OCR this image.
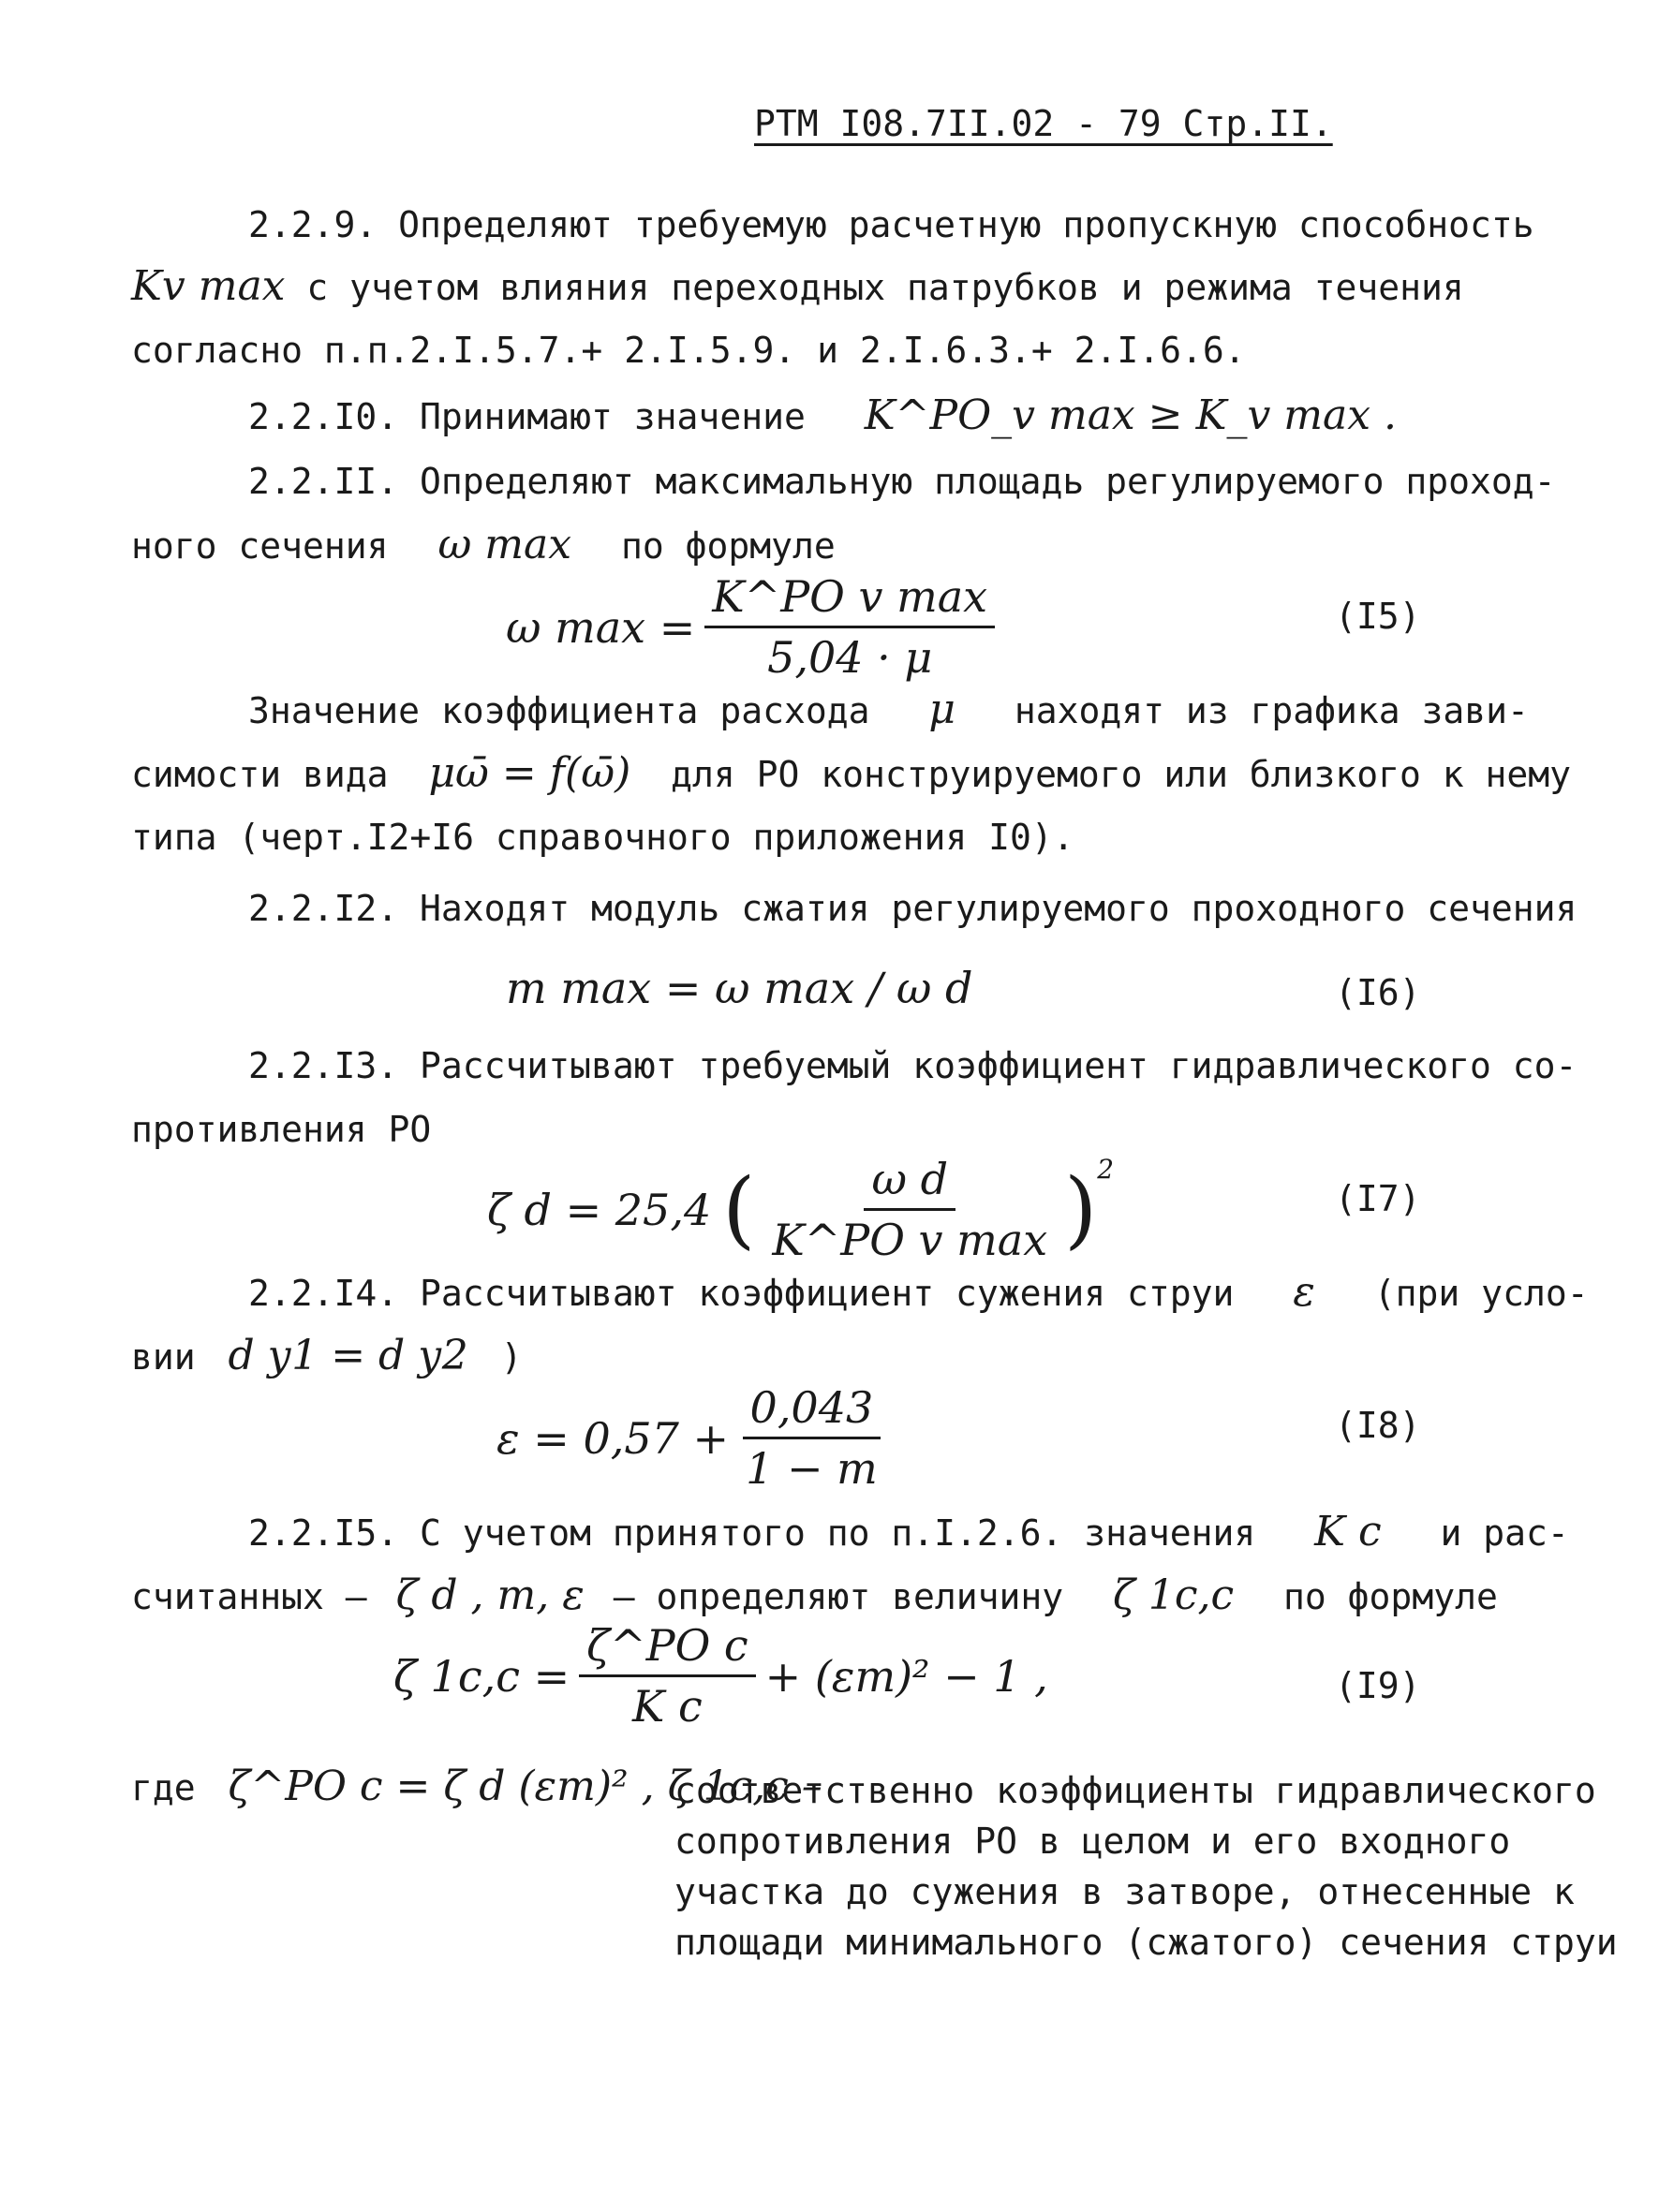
РТМ I08.7II.02 - 79 Стр.II.
2.2.9. Определяют требуемую расчетную пропускную способность
Kv max с учетом влияния переходных патрубков и режима течения
согласно п.п.2.I.5.7.+ 2.I.5.9. и 2.I.6.3.+ 2.I.6.6.
2.2.I0. Принимают значение K^РО_v max ≥ K_v max .
2.2.II. Определяют максимальную площадь регулируемого проход-
ного сечения ω max по формуле
ω $\max = \frac{\text{K\textasciicircum{}РО v max}}{5,04 \cdot \mu}$	(I5)
Значение коэффициента расхода μ находят из графика зави-
симости вида μω̄ = f(ω̄) для РО конструируемого или близкого к нему
типа (черт.I2+I6 справочного приложения I0).
2.2.I2. Находят модуль сжатия регулируемого проходного сечения
m max = ω max / ω d	(I6)
2.2.I3. Рассчитывают требуемый коэффициент гидравлического со-
противления РО
ζ d = 25,4 ( $\frac{\text{ω d}}{\text{K\textasciicircum{}РО v max}} )^2$
(I7)
2.2.I4. Рассчитывают коэффициент сужения струи ε (при усло-
вии d у1 = d у2 )
$\varepsilon = 0,57 + \frac{0,043}{1 - m}$	(I8)
2.2.I5. С учетом принятого по п.I.2.6. значения K c и рас-
считанных – ζ d , m, ε – определяют величину ζ 1с,с по формуле
ζ $1с,с = \frac{\text{ζ\textasciicircum{}РО с}}{\text{K c}} + (\varepsilon m)^2 - 1$ ,	(I9)
где ζ^РО с = ζ d (εm)² , ζ 1с,с –
соответственно коэффициенты гидравлического
сопротивления РО в целом и его входного
участка до сужения в затворе, отнесенные к
площади минимального (сжатого) сечения струи
